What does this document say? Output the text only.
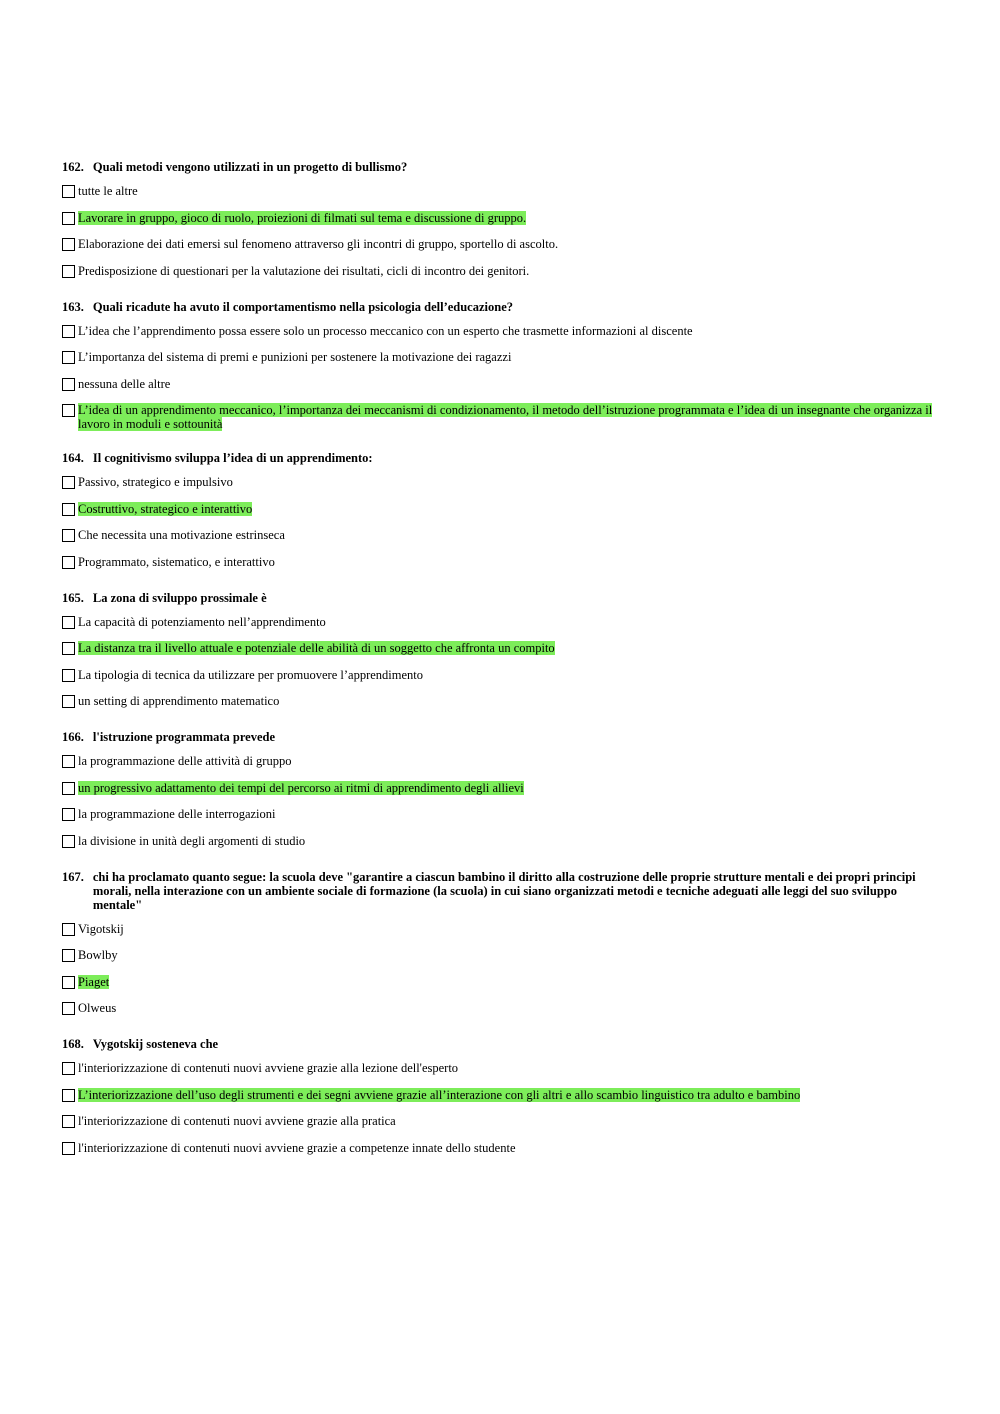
162. Quali metodi vengono utilizzati in un progetto di bullismo?
tutte le altre
Lavorare in gruppo, gioco di ruolo, proiezioni di filmati sul tema e discussione di gruppo.
Elaborazione dei dati emersi sul fenomeno attraverso gli incontri di gruppo, sportello di ascolto.
Predisposizione di questionari per la valutazione dei risultati, cicli di incontro dei genitori.
163. Quali ricadute ha avuto il comportamentismo nella psicologia dell’educazione?
L’idea che l’apprendimento possa essere solo un processo meccanico con un esperto che trasmette informazioni al discente
L’importanza del sistema di premi e punizioni per sostenere la motivazione dei ragazzi
nessuna delle altre
L’idea di un apprendimento meccanico, l’importanza dei meccanismi di condizionamento, il metodo dell’istruzione programmata e l’idea di un insegnante che organizza il lavoro in moduli e sottounità
164. Il cognitivismo sviluppa l’idea di un apprendimento:
Passivo, strategico e impulsivo
Costruttivo, strategico e interattivo
Che necessita una motivazione estrinseca
Programmato, sistematico, e interattivo
165. La zona di sviluppo prossimale è
La capacità di potenziamento nell’apprendimento
La distanza tra il livello attuale e potenziale delle abilità di un soggetto che affronta un compito
La tipologia di tecnica da utilizzare per promuovere l’apprendimento
un setting di apprendimento matematico
166. l'istruzione programmata prevede
la programmazione delle attività di gruppo
un progressivo adattamento dei tempi del percorso ai ritmi di apprendimento degli allievi
la programmazione delle interrogazioni
la divisione in unità degli argomenti di studio
167. chi ha proclamato quanto segue: la scuola deve "garantire a ciascun bambino il diritto alla costruzione delle proprie strutture mentali e dei propri principi morali, nella interazione con un ambiente sociale di formazione (la scuola) in cui siano organizzati metodi e tecniche adeguati alle leggi del suo sviluppo mentale"
Vigotskij
Bowlby
Piaget
Olweus
168. Vygotskij sosteneva che
l'interiorizzazione di contenuti nuovi avviene grazie alla lezione dell'esperto
L’interiorizzazione dell’uso degli strumenti e dei segni avviene grazie all’interazione con gli altri e allo scambio linguistico tra adulto e bambino
l'interiorizzazione di contenuti nuovi avviene grazie alla pratica
l'interiorizzazione di contenuti nuovi avviene grazie a competenze innate dello studente
